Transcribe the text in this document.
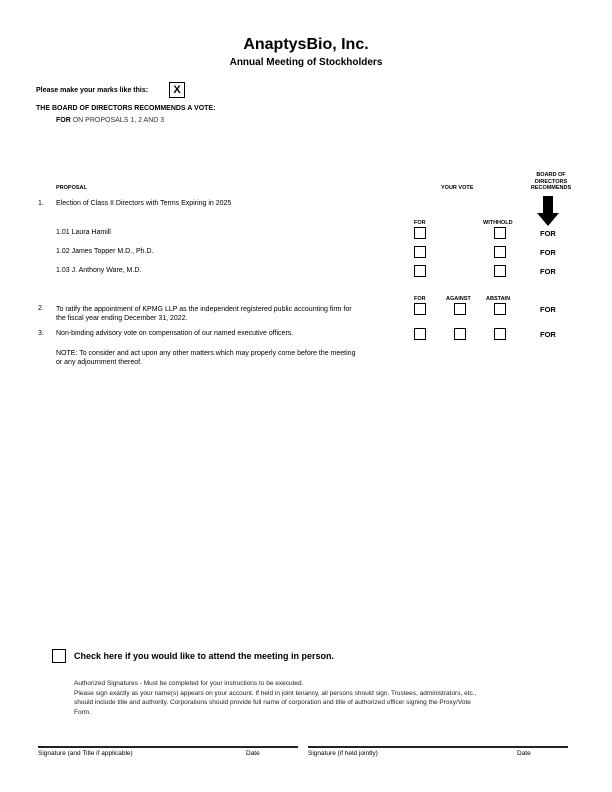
AnaptysBio, Inc.
Annual Meeting of Stockholders
Please make your marks like this:	X
THE BOARD OF DIRECTORS RECOMMENDS A VOTE:
FOR ON PROPOSALS 1, 2 AND 3
PROPOSAL	YOUR VOTE
BOARD OF
DIRECTORS
RECOMMENDS
1. Election of Class II Directors with Terms Expiring in 2025
FOR	WITHHOLD
1.01 Laura Hamill	FOR
1.02 James Topper M.D., Ph.D.	FOR
1.03 J. Anthony Ware, M.D.	FOR
FOR	AGAINST	ABSTAIN
2. To ratify the appointment of KPMG LLP as the independent registered public accounting firm for
the fiscal year ending December 31, 2022.
FOR
3. Non-binding advisory vote on compensation of our named executive officers.	FOR
NOTE: To consider and act upon any other matters which may properly come before the meeting
or any adjournment thereof.
Check here if you would like to attend the meeting in person.
Authorized Signatures - Must be completed for your instructions to be executed.
Please sign exactly as your name(s) appears on your account. If held in joint tenancy, all persons should sign. Trustees, administrators, etc.,
should include title and authority. Corporations should provide full name of corporation and title of authorized officer signing the Proxy/Vote
Form.
Signature (and Title if applicable)	Date	Signature (if held jointly)	Date
